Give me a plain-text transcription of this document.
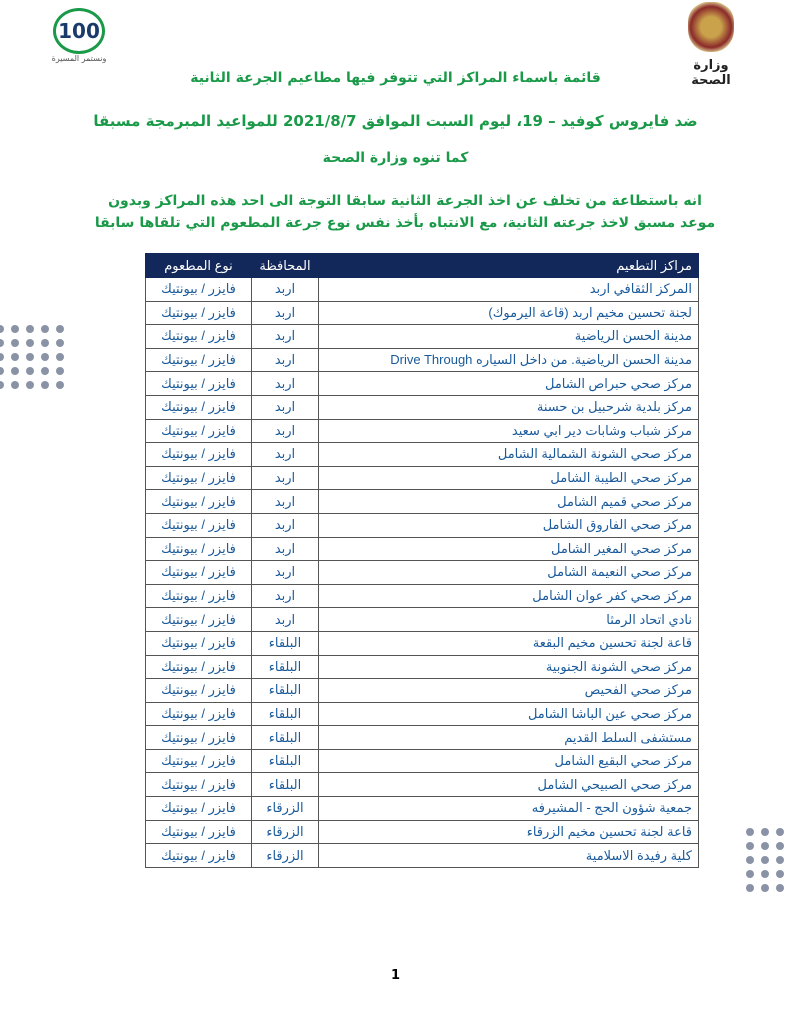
100
ونستمر المسيرة	وزارة الصحة
قائمة باسماء المراكز التي تتوفر فيها مطاعيم الجرعة الثانية
ضد فايروس كوفيد – 19، ليوم السبت الموافق 2021/8/7 للمواعيد المبرمجة مسبقا
كما تنوه وزارة الصحة
انه باستطاعة من تخلف عن اخذ الجرعة الثانية سابقا التوجة الى احد هذه المراكز وبدون موعد مسبق لاخذ جرعته الثانية، مع الانتباه بأخذ نفس نوع جرعة المطعوم التي تلقاها سابقا
مراكز التطعيم	المحافظة	نوع المطعوم
المركز الثقافي اربد	اربد	فايزر / بيونتيك
لجنة تحسين مخيم اربد (قاعة اليرموك)	اربد	فايزر / بيونتيك
مدينة الحسن الرياضية	اربد	فايزر / بيونتيك
مدينة الحسن الرياضية. من داخل السياره Drive Through	اربد	فايزر / بيونتيك
مركز صحي حبراص الشامل	اربد	فايزر / بيونتيك
مركز بلدية شرحبيل بن حسنة	اربد	فايزر / بيونتيك
مركز شباب وشابات دير ابي سعيد	اربد	فايزر / بيونتيك
مركز صحي الشونة الشمالية الشامل	اربد	فايزر / بيونتيك
مركز صحي الطيبة الشامل	اربد	فايزر / بيونتيك
مركز صحي قميم الشامل	اربد	فايزر / بيونتيك
مركز صحي الفاروق الشامل	اربد	فايزر / بيونتيك
مركز صحي المغير الشامل	اربد	فايزر / بيونتيك
مركز صحي النعيمة الشامل	اربد	فايزر / بيونتيك
مركز صحي كفر عوان الشامل	اربد	فايزر / بيونتيك
نادي اتحاد الرمثا	اربد	فايزر / بيونتيك
قاعة لجنة تحسين مخيم البقعة	البلقاء	فايزر / بيونتيك
مركز صحي الشونة الجنوبية	البلقاء	فايزر / بيونتيك
مركز صحي الفحيص	البلقاء	فايزر / بيونتيك
مركز صحي عين الباشا الشامل	البلقاء	فايزر / بيونتيك
مستشفى السلط القديم	البلقاء	فايزر / بيونتيك
مركز صحي البقيع الشامل	البلقاء	فايزر / بيونتيك
مركز صحي الصبيحي الشامل	البلقاء	فايزر / بيونتيك
جمعية شؤون الحج - المشيرفه	الزرقاء	فايزر / بيونتيك
قاعة لجنة تحسين مخيم الزرقاء	الزرقاء	فايزر / بيونتيك
كلية رفيدة الاسلامية	الزرقاء	فايزر / بيونتيك
1
